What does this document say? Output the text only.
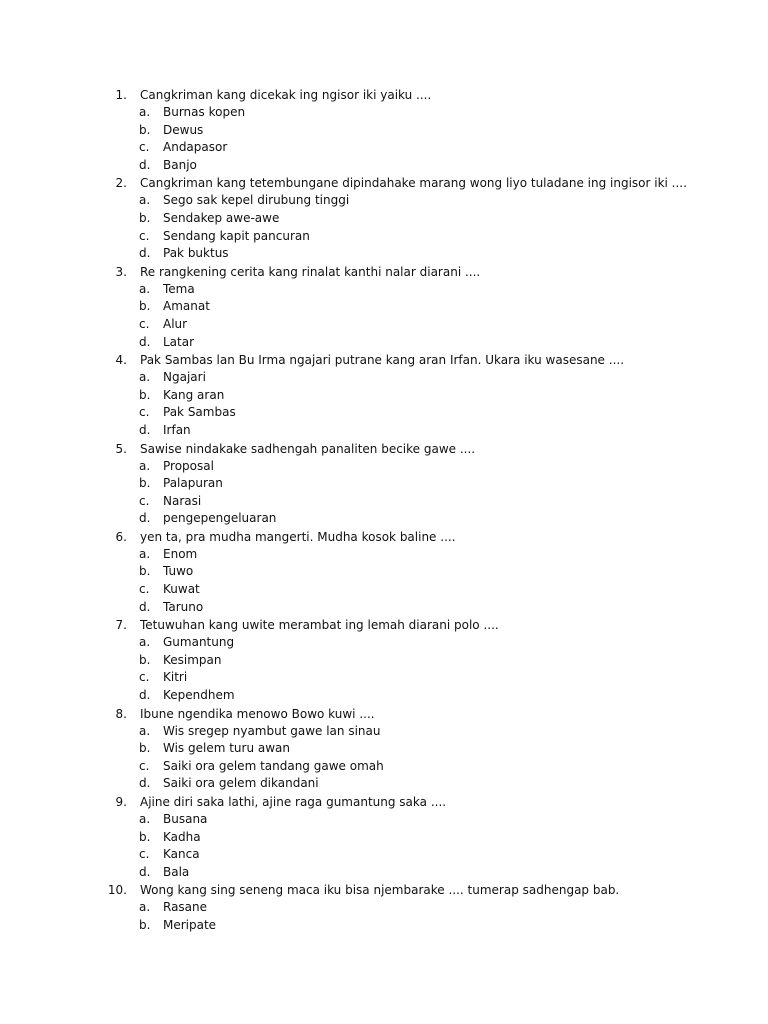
1. Cangkriman kang dicekak ing ngisor iki yaiku ....
a. Burnas kopen
b. Dewus
c. Andapasor
d. Banjo
2. Cangkriman kang tetembungane dipindahake marang wong liyo tuladane ing ingisor iki ....
a. Sego sak kepel dirubung tinggi
b. Sendakep awe-awe
c. Sendang kapit pancuran
d. Pak buktus
3. Re rangkening cerita kang rinalat kanthi nalar diarani ....
a. Tema
b. Amanat
c. Alur
d. Latar
4. Pak Sambas lan Bu Irma ngajari putrane kang aran Irfan. Ukara iku wasesane ....
a. Ngajari
b. Kang aran
c. Pak Sambas
d. Irfan
5. Sawise nindakake sadhengah panaliten becike gawe ....
a. Proposal
b. Palapuran
c. Narasi
d. pengepengeluaran
6. yen ta, pra mudha mangerti. Mudha kosok baline ....
a. Enom
b. Tuwo
c. Kuwat
d. Taruno
7. Tetuwuhan kang uwite merambat ing lemah diarani polo ....
a. Gumantung
b. Kesimpan
c. Kitri
d. Kependhem
8. Ibune ngendika menowo Bowo kuwi ....
a. Wis sregep nyambut gawe lan sinau
b. Wis gelem turu awan
c. Saiki ora gelem tandang gawe omah
d. Saiki ora gelem dikandani
9. Ajine diri saka lathi, ajine raga gumantung saka ....
a. Busana
b. Kadha
c. Kanca
d. Bala
10. Wong kang sing seneng maca iku bisa njembarake .... tumerap sadhengap bab.
a. Rasane
b. Meripate
